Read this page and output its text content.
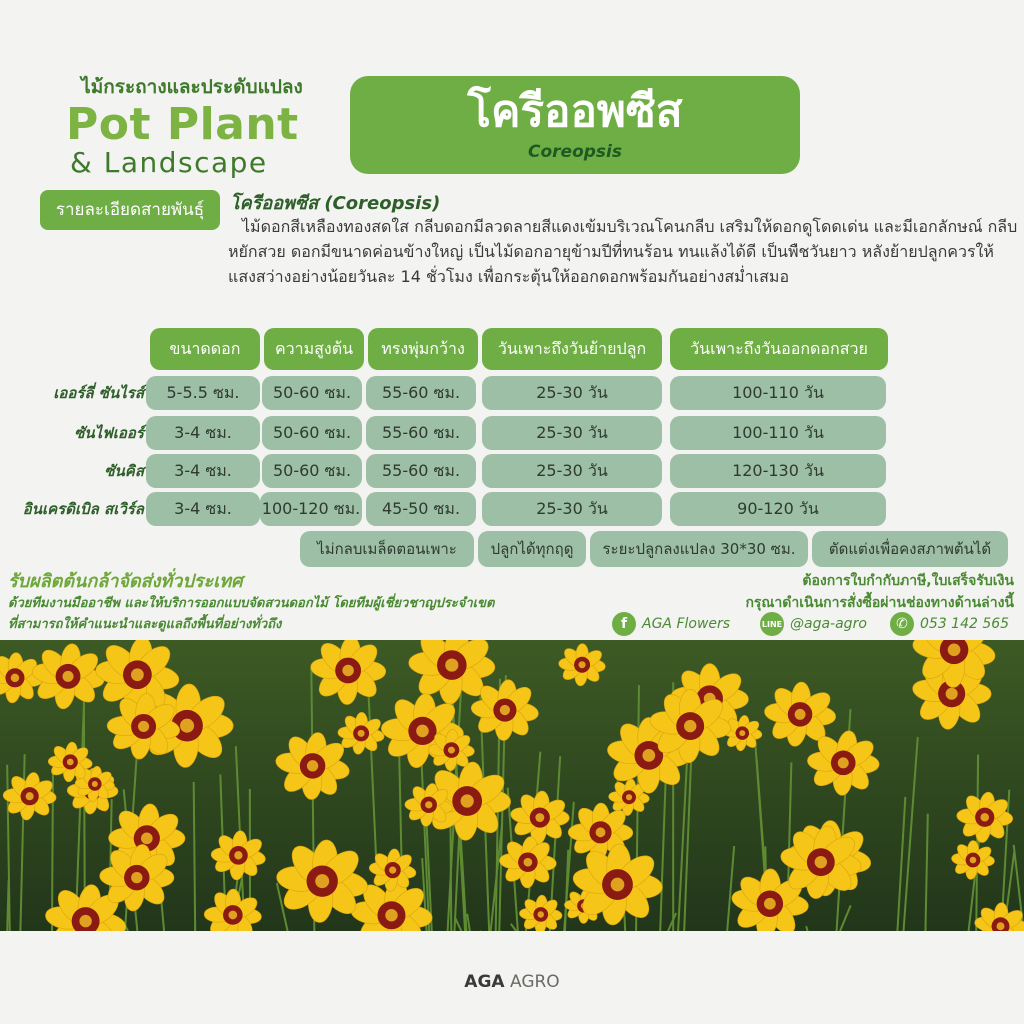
ไม้กระถางและประดับแปลง
Pot Plant
& Landscape
โครีออพซีส
Coreopsis
รายละเอียดสายพันธุ์	โครีออพซีส (Coreopsis)
ไม้ดอกสีเหลืองทองสดใส กลีบดอกมีลวดลายสีแดงเข้มบริเวณโคนกลีบ เสริมให้ดอกดูโดดเด่น และมีเอกลักษณ์ กลีบหยักสวย ดอกมีขนาดค่อนข้างใหญ่ เป็นไม้ดอกอายุข้ามปีที่ทนร้อน ทนแล้งได้ดี เป็นพืชวันยาว หลังย้ายปลูกควรให้แสงสว่างอย่างน้อยวันละ 14 ชั่วโมง เพื่อกระตุ้นให้ออกดอกพร้อมกันอย่างสม่ำเสมอ
ขนาดดอก	ความสูงต้น	ทรงพุ่มกว้าง	วันเพาะถึงวันย้ายปลูก	วันเพาะถึงวันออกดอกสวย
เออร์ลี่ ซันไรส์	5-5.5 ซม.	50-60 ซม.	55-60 ซม.	25-30 วัน	100-110 วัน
ซันไฟเออร์	3-4 ซม.	50-60 ซม.	55-60 ซม.	25-30 วัน	100-110 วัน
ซันคิส	3-4 ซม.	50-60 ซม.	55-60 ซม.	25-30 วัน	120-130 วัน
อินเครดิเบิล สเวิร์ล	3-4 ซม.	100-120 ซม.	45-50 ซม.	25-30 วัน	90-120 วัน
ไม่กลบเมล็ดตอนเพาะ	ปลูกได้ทุกฤดู	ระยะปลูกลงแปลง 30*30 ซม.	ตัดแต่งเพื่อคงสภาพต้นได้
รับผลิตต้นกล้าจัดส่งทั่วประเทศ
ด้วยทีมงานมืออาชีพ และให้บริการออกแบบจัดสวนดอกไม้ โดยทีมผู้เชี่ยวชาญประจำเขต
ที่สามารถให้คำแนะนำและดูแลถึงพื้นที่อย่างทั่วถึง
ต้องการใบกำกับภาษี,ใบเสร็จรับเงิน
กรุณาดำเนินการสั่งซื้อผ่านช่องทางด้านล่างนี้
f	AGA Flowers	LINE @aga-agro	✆ 053 142 565
AGA AGRO
